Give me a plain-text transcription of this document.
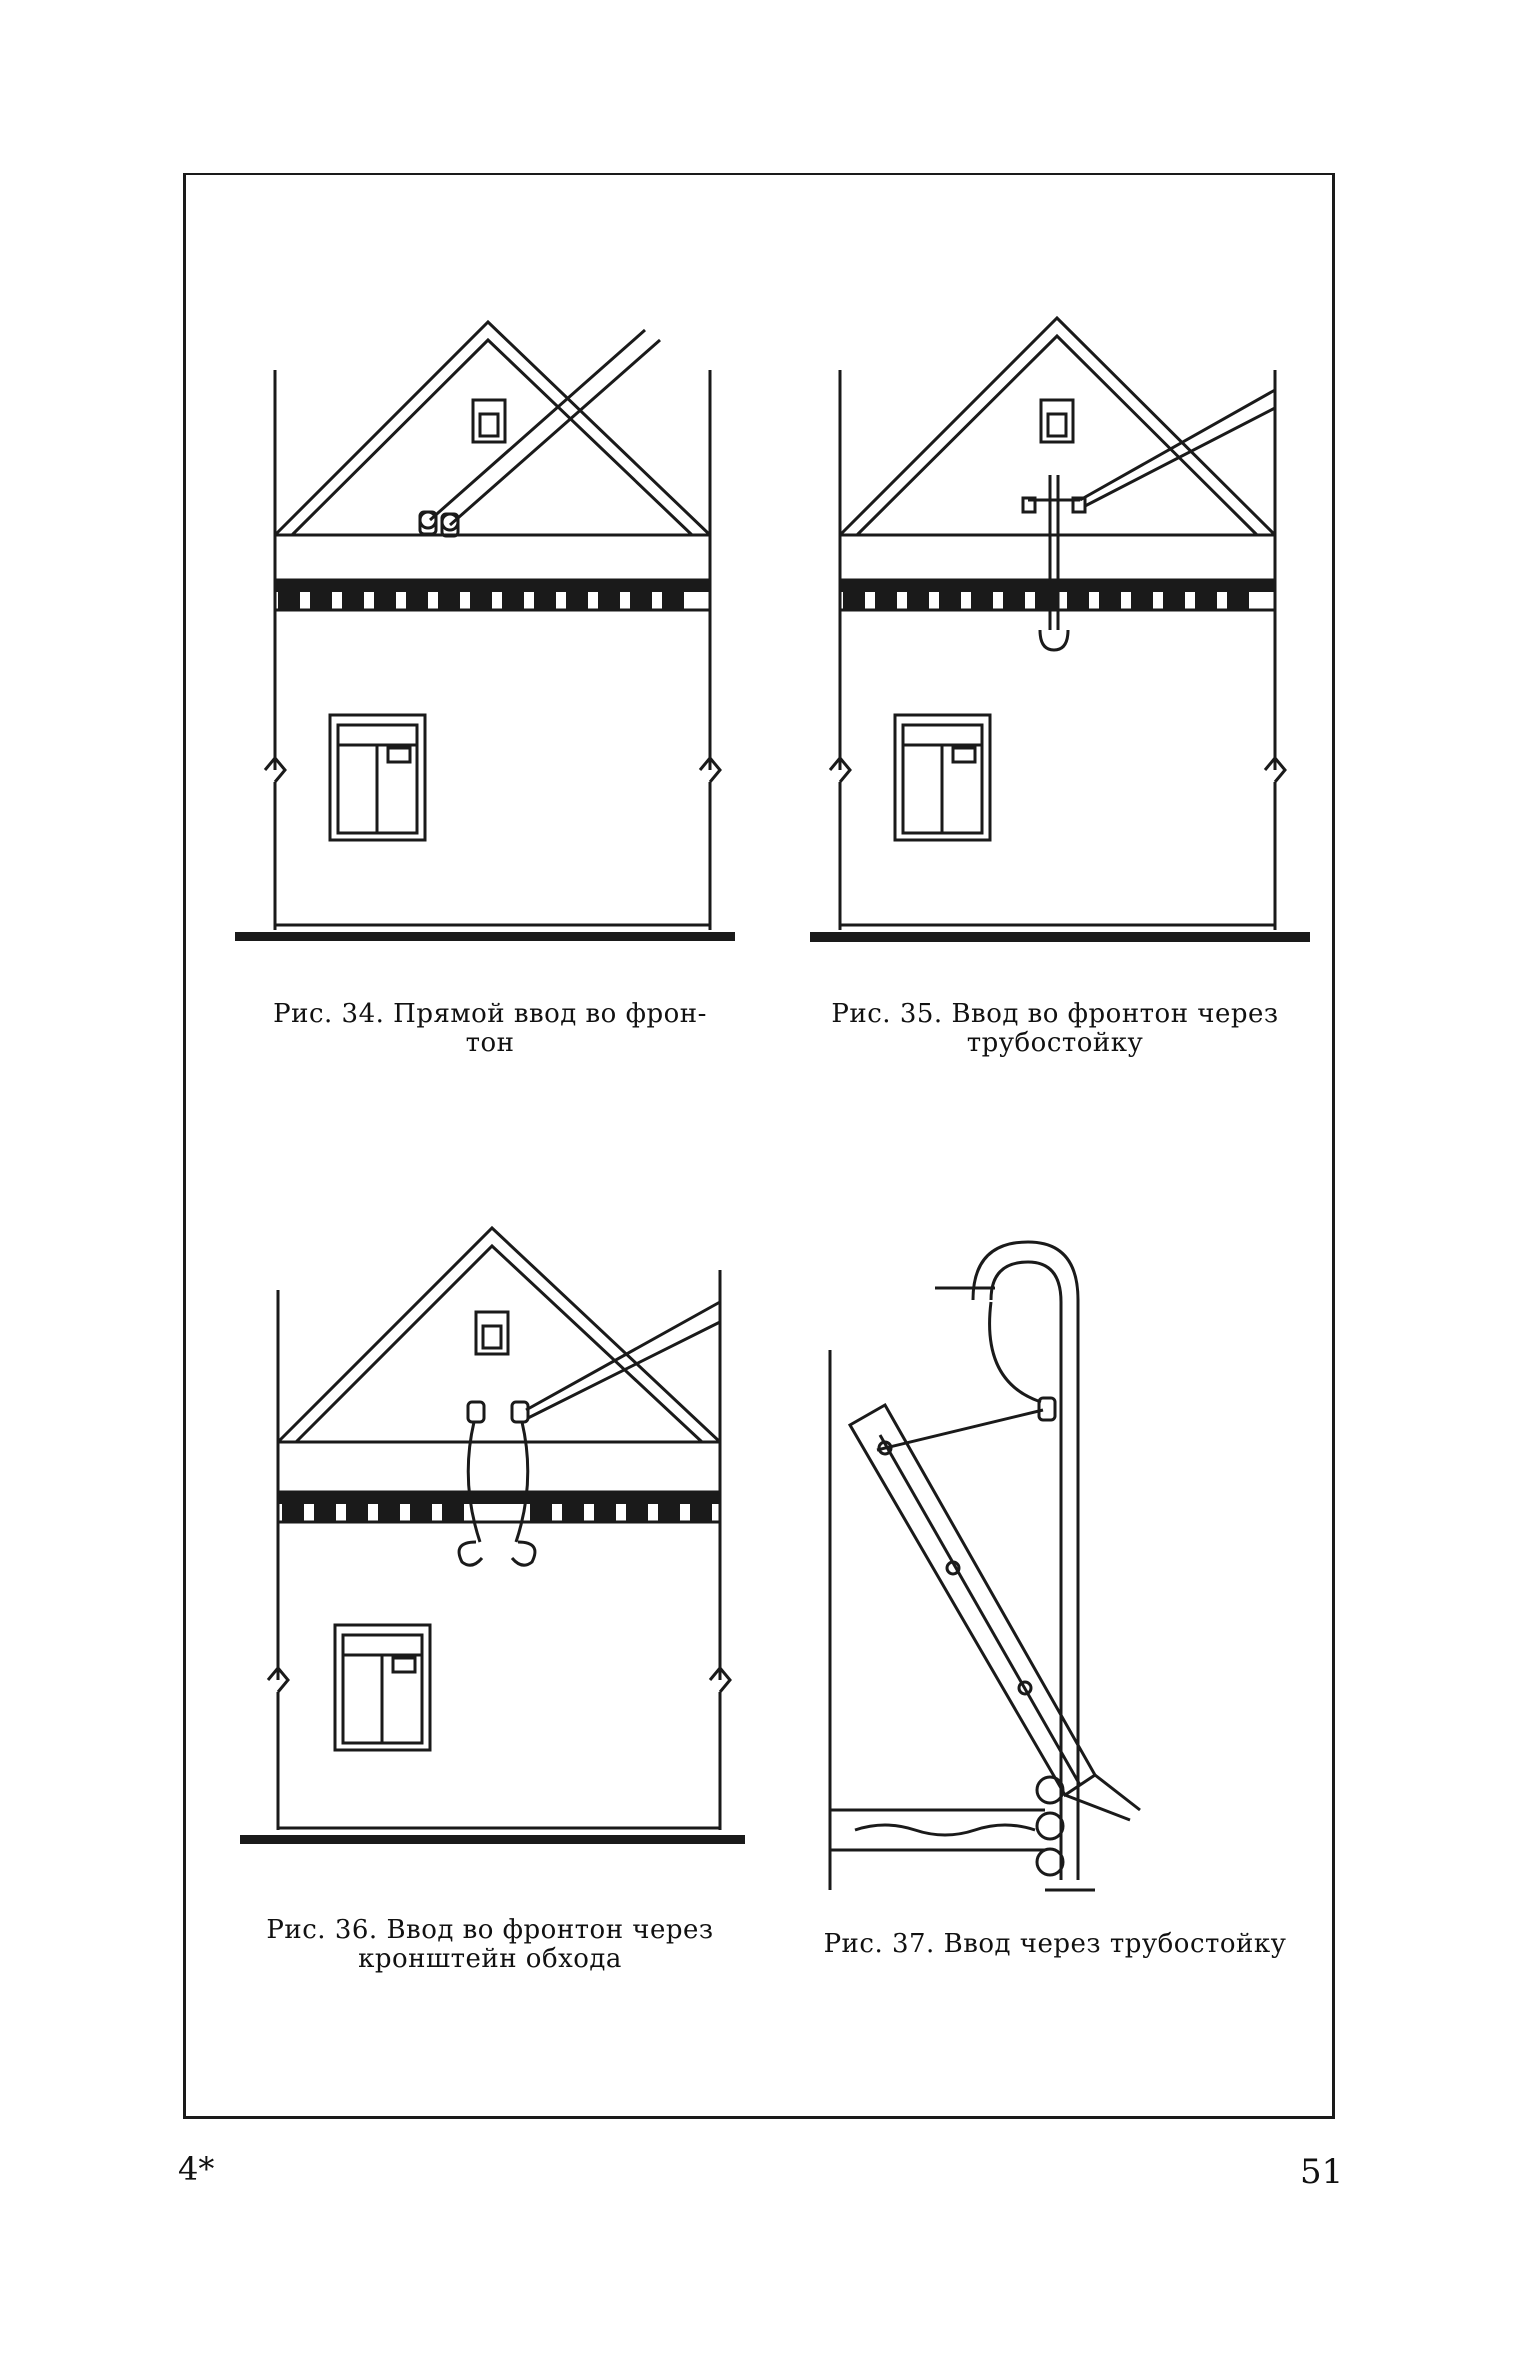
Рис. 34. Прямой ввод во фрон-
тон
Рис. 35. Ввод во фронтон через
трубостойку
Рис. 36. Ввод во фронтон через
кронштейн обхода	Рис. 37. Ввод через трубостойку
4*	51
